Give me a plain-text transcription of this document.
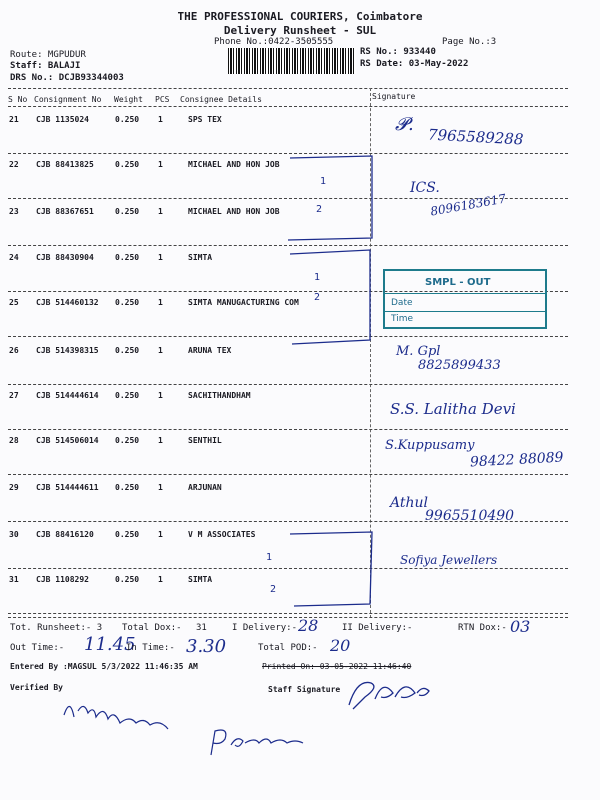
THE PROFESSIONAL COURIERS, Coimbatore
Delivery Runsheet - SUL
Phone No.:0422-3505555	Page No.:3
Route: MGPUDUR
Staff: BALAJI
DRS No.: DCJB93344003
RS No.: 933440
RS Date: 03-May-2022
S No Consignment No Weight PCS Consignee Details	Signature
21 CJB 1135024	0.250 1	SPS TEX
22 CJB 88413825	0.250 1	MICHAEL AND HON JOB
23 CJB 88367651	0.250 1	MICHAEL AND HON JOB
24 CJB 88430904	0.250 1	SIMTA
25 CJB 514460132 0.250 1	SIMTA MANUGACTURING COM
26 CJB 514398315 0.250 1	ARUNA TEX
27 CJB 514444614 0.250 1	SACHITHANDHAM
28 CJB 514506014 0.250 1	SENTHIL
29 CJB 514444611 0.250 1	ARJUNAN
30 CJB 88416120	0.250 1	V M ASSOCIATES
31 CJB 1108292	0.250 1	SIMTA
1
2
1
2
1
2
𝓟.
7965589288
ICS.
8096183617
M. Gpl
8825899433
S.S. Lalitha Devi
S.Kuppusamy
98422 88089
Athul
9965510490
Sofiya Jewellers
SMPL - OUT
Date
Time
Tot. Runsheet:- 3 Total Dox:- 31	I Delivery:- 28	II Delivery:-	RTN Dox:- 03
Out Time:- 11.45
In Time:- 3.30	Total POD:- 20
Entered By :MAGSUL 5/3/2022 11:46:35 AM	Printed On: 03-05-2022 11:46:40
Verified By	Staff Signature
